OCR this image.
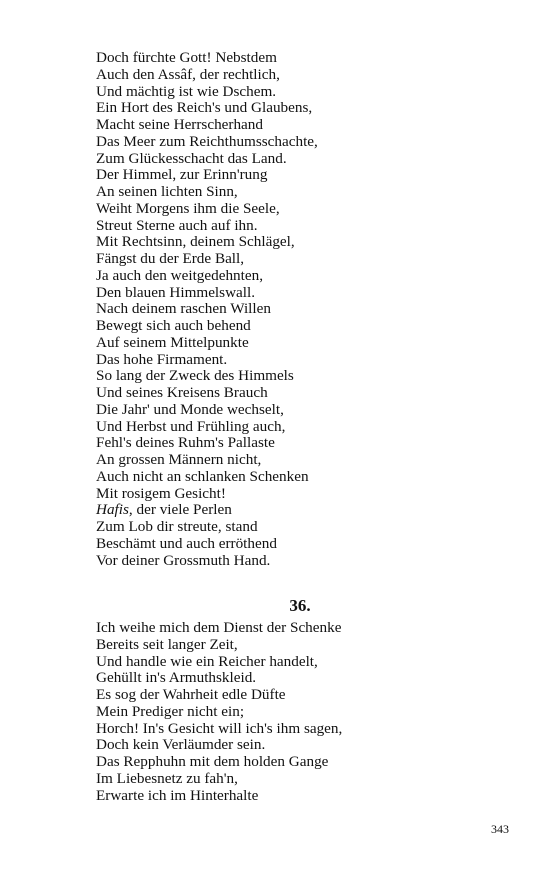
Doch fürchte Gott! Nebstdem
Auch den Assâf, der rechtlich,
Und mächtig ist wie Dschem.
Ein Hort des Reich's und Glaubens,
Macht seine Herrscherhand
Das Meer zum Reichthumsschachte,
Zum Glückesschacht das Land.
Der Himmel, zur Erinn'rung
An seinen lichten Sinn,
Weiht Morgens ihm die Seele,
Streut Sterne auch auf ihn.
Mit Rechtsinn, deinem Schlägel,
Fängst du der Erde Ball,
Ja auch den weitgedehnten,
Den blauen Himmelswall.
Nach deinem raschen Willen
Bewegt sich auch behend
Auf seinem Mittelpunkte
Das hohe Firmament.
So lang der Zweck des Himmels
Und seines Kreisens Brauch
Die Jahr' und Monde wechselt,
Und Herbst und Frühling auch,
Fehl's deines Ruhm's Pallaste
An grossen Männern nicht,
Auch nicht an schlanken Schenken
Mit rosigem Gesicht!
Hafis, der viele Perlen
Zum Lob dir streute, stand
Beschämt und auch erröthend
Vor deiner Grossmuth Hand.
36.
Ich weihe mich dem Dienst der Schenke
Bereits seit langer Zeit,
Und handle wie ein Reicher handelt,
Gehüllt in's Armuthskleid.
Es sog der Wahrheit edle Düfte
Mein Prediger nicht ein;
Horch! In's Gesicht will ich's ihm sagen,
Doch kein Verläumder sein.
Das Repphuhn mit dem holden Gange
Im Liebesnetz zu fah'n,
Erwarte ich im Hinterhalte
343
